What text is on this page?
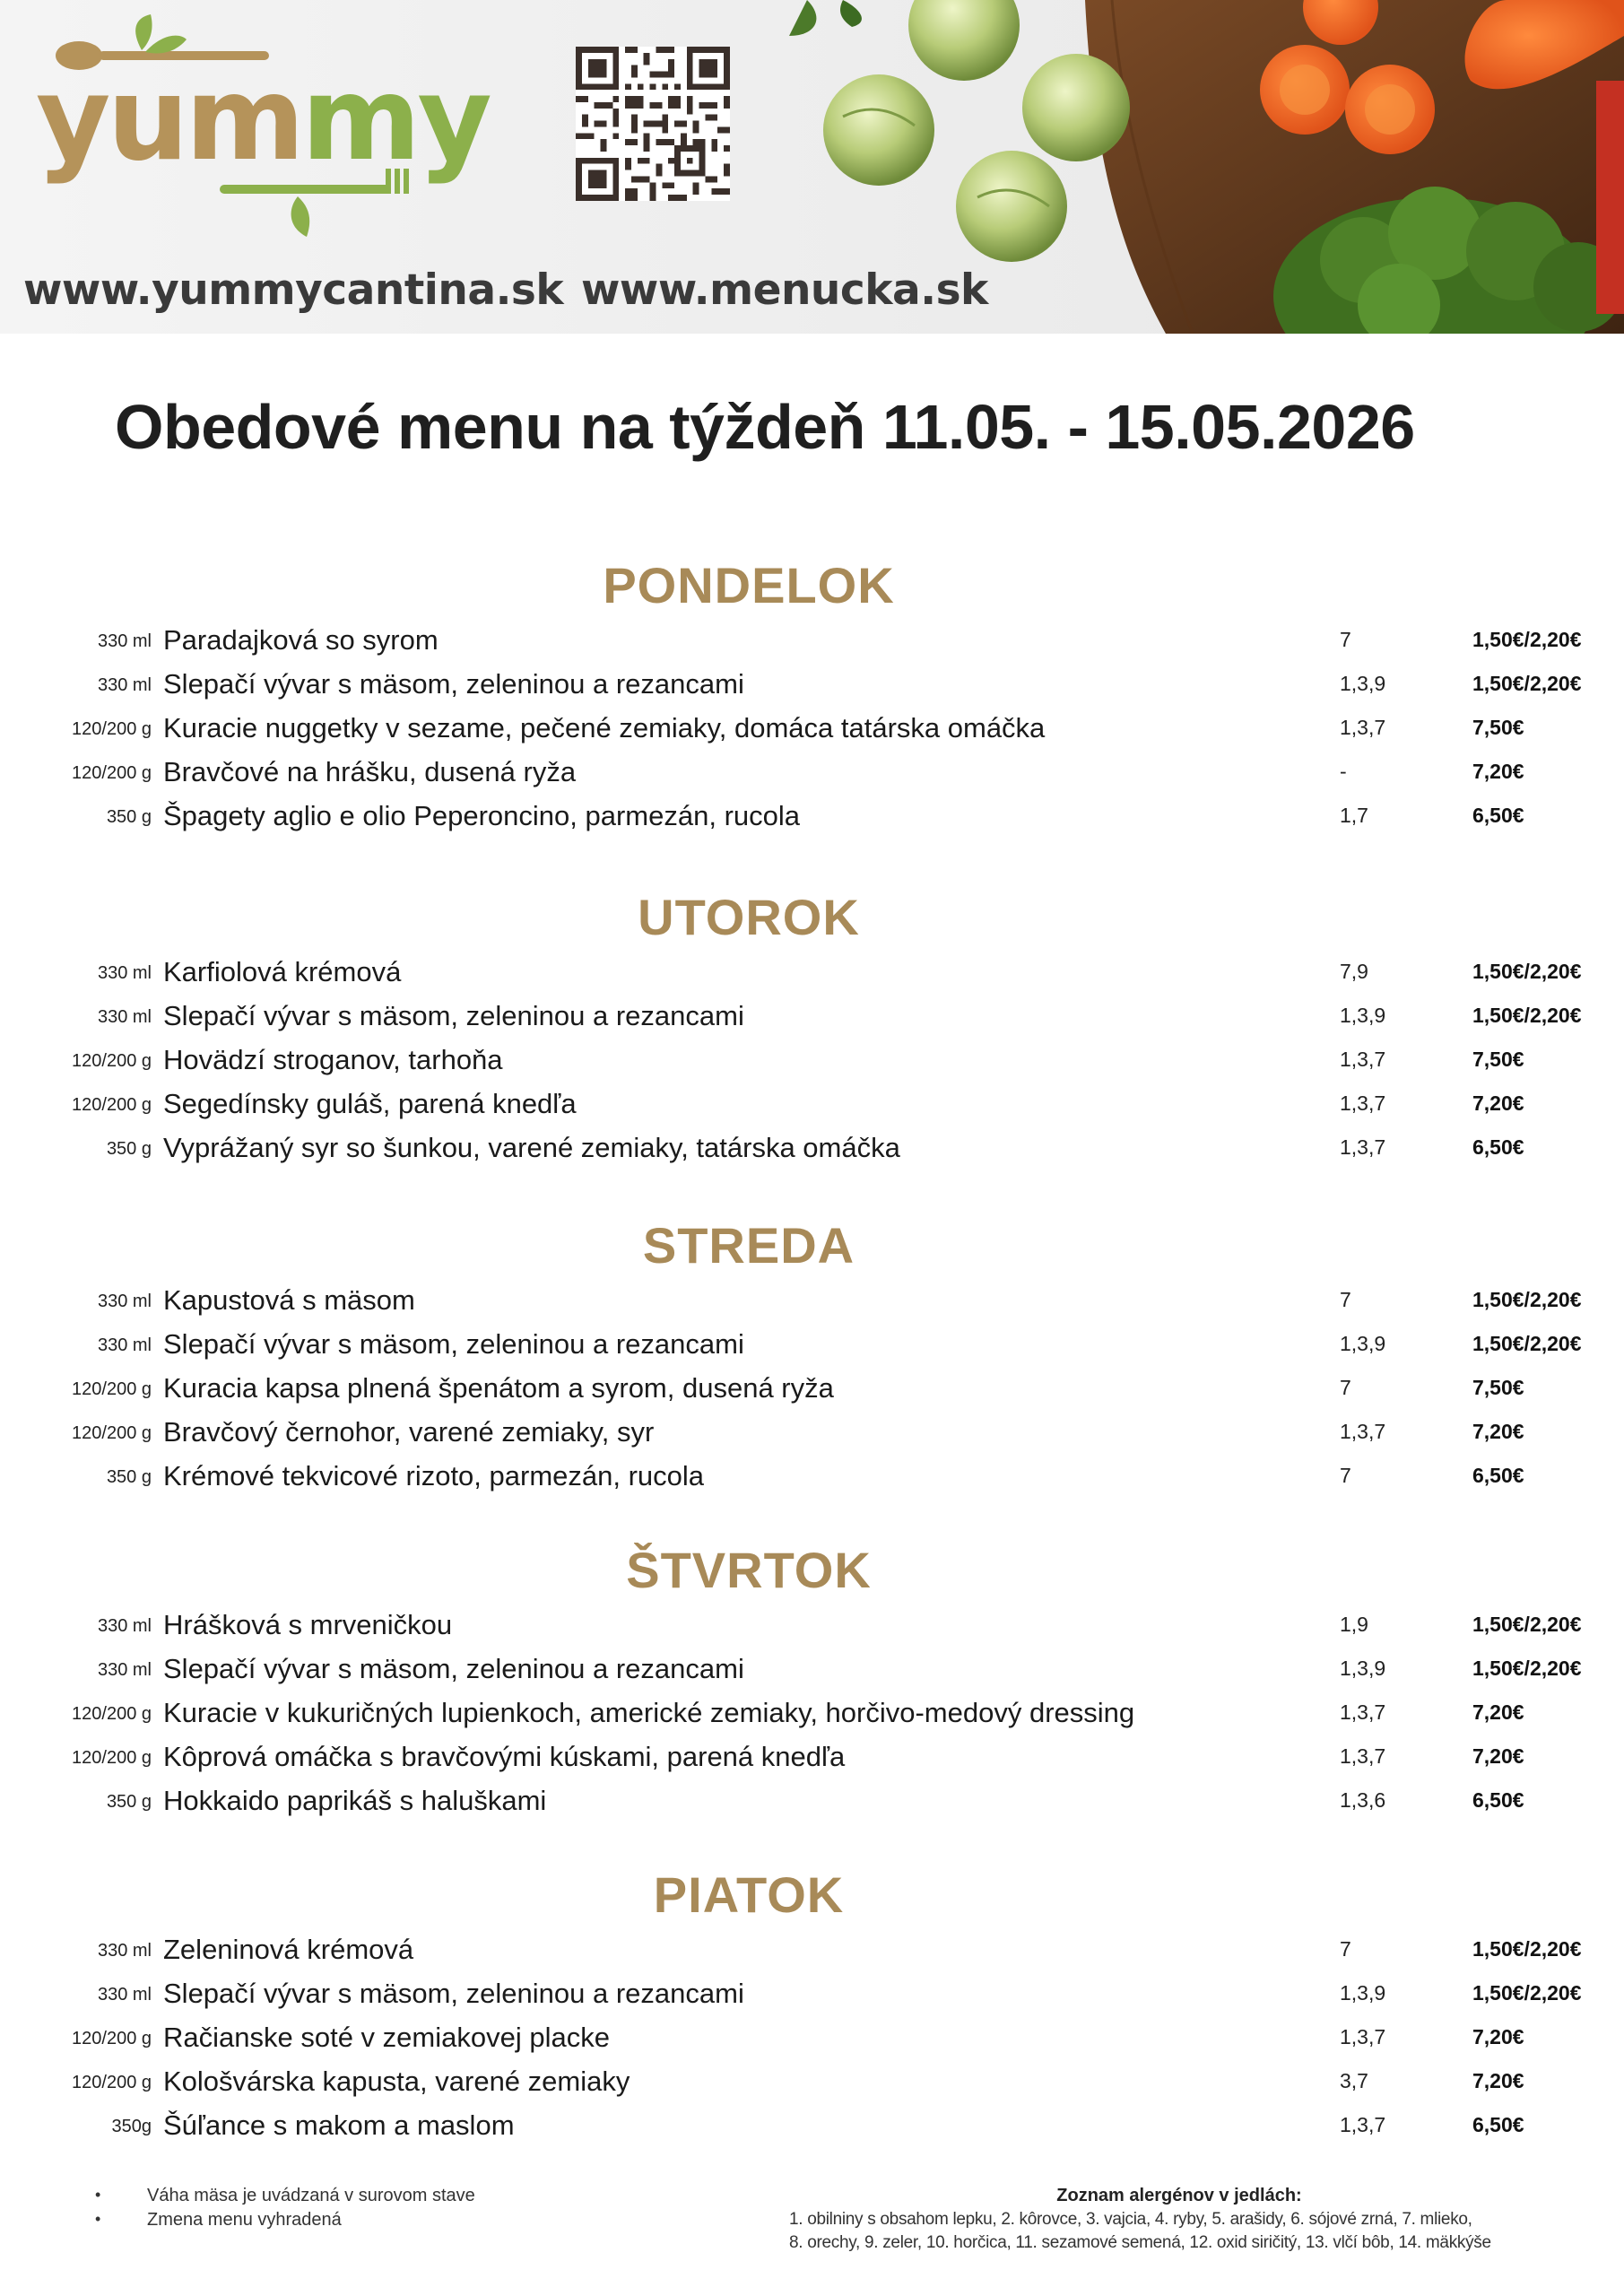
yummy
www.yummycantina.sk www.menucka.sk
Obedové menu na týždeň 11.05. - 15.05.2026
PONDELOK
330 ml Paradajková so syrom	7	1,50€/2,20€
330 ml Slepačí vývar s mäsom, zeleninou a rezancami	1,3,9	1,50€/2,20€
120/200 g Kuracie nuggetky v sezame, pečené zemiaky, domáca tatárska omáčka	1,3,7	7,50€
120/200 g Bravčové na hrášku, dusená ryža	-	7,20€
350 g Špagety aglio e olio Peperoncino, parmezán, rucola	1,7	6,50€
UTOROK
330 ml Karfiolová krémová	7,9	1,50€/2,20€
330 ml Slepačí vývar s mäsom, zeleninou a rezancami	1,3,9	1,50€/2,20€
120/200 g Hovädzí stroganov, tarhoňa	1,3,7	7,50€
120/200 g Segedínsky guláš, parená knedľa	1,3,7	7,20€
350 g Vyprážaný syr so šunkou, varené zemiaky, tatárska omáčka	1,3,7	6,50€
STREDA
330 ml Kapustová s mäsom	7	1,50€/2,20€
330 ml Slepačí vývar s mäsom, zeleninou a rezancami	1,3,9	1,50€/2,20€
120/200 g Kuracia kapsa plnená špenátom a syrom, dusená ryža	7	7,50€
120/200 g Bravčový černohor, varené zemiaky, syr	1,3,7	7,20€
350 g Krémové tekvicové rizoto, parmezán, rucola	7	6,50€
ŠTVRTOK
330 ml Hrášková s mrveničkou	1,9	1,50€/2,20€
330 ml Slepačí vývar s mäsom, zeleninou a rezancami	1,3,9	1,50€/2,20€
120/200 g Kuracie v kukuričných lupienkoch, americké zemiaky, horčivo-medový dressing	1,3,7	7,20€
120/200 g Kôprová omáčka s bravčovými kúskami, parená knedľa	1,3,7	7,20€
350 g Hokkaido paprikáš s haluškami	1,3,6	6,50€
PIATOK
330 ml Zeleninová krémová	7	1,50€/2,20€
330 ml Slepačí vývar s mäsom, zeleninou a rezancami	1,3,9	1,50€/2,20€
120/200 g Račianske soté v zemiakovej placke	1,3,7	7,20€
120/200 g Kološvárska kapusta, varené zemiaky	3,7	7,20€
350g Šúľance s makom a maslom	1,3,7	6,50€
•	Váha mäsa je uvádzaná v surovom stave
•	Zmena menu vyhradená
Zoznam alergénov v jedlách:
1. obilniny s obsahom lepku, 2. kôrovce, 3. vajcia, 4. ryby, 5. arašidy, 6. sójové zrná, 7. mlieko,
8. orechy, 9. zeler, 10. horčica, 11. sezamové semená, 12. oxid siričitý, 13. vlčí bôb, 14. mäkkýše
